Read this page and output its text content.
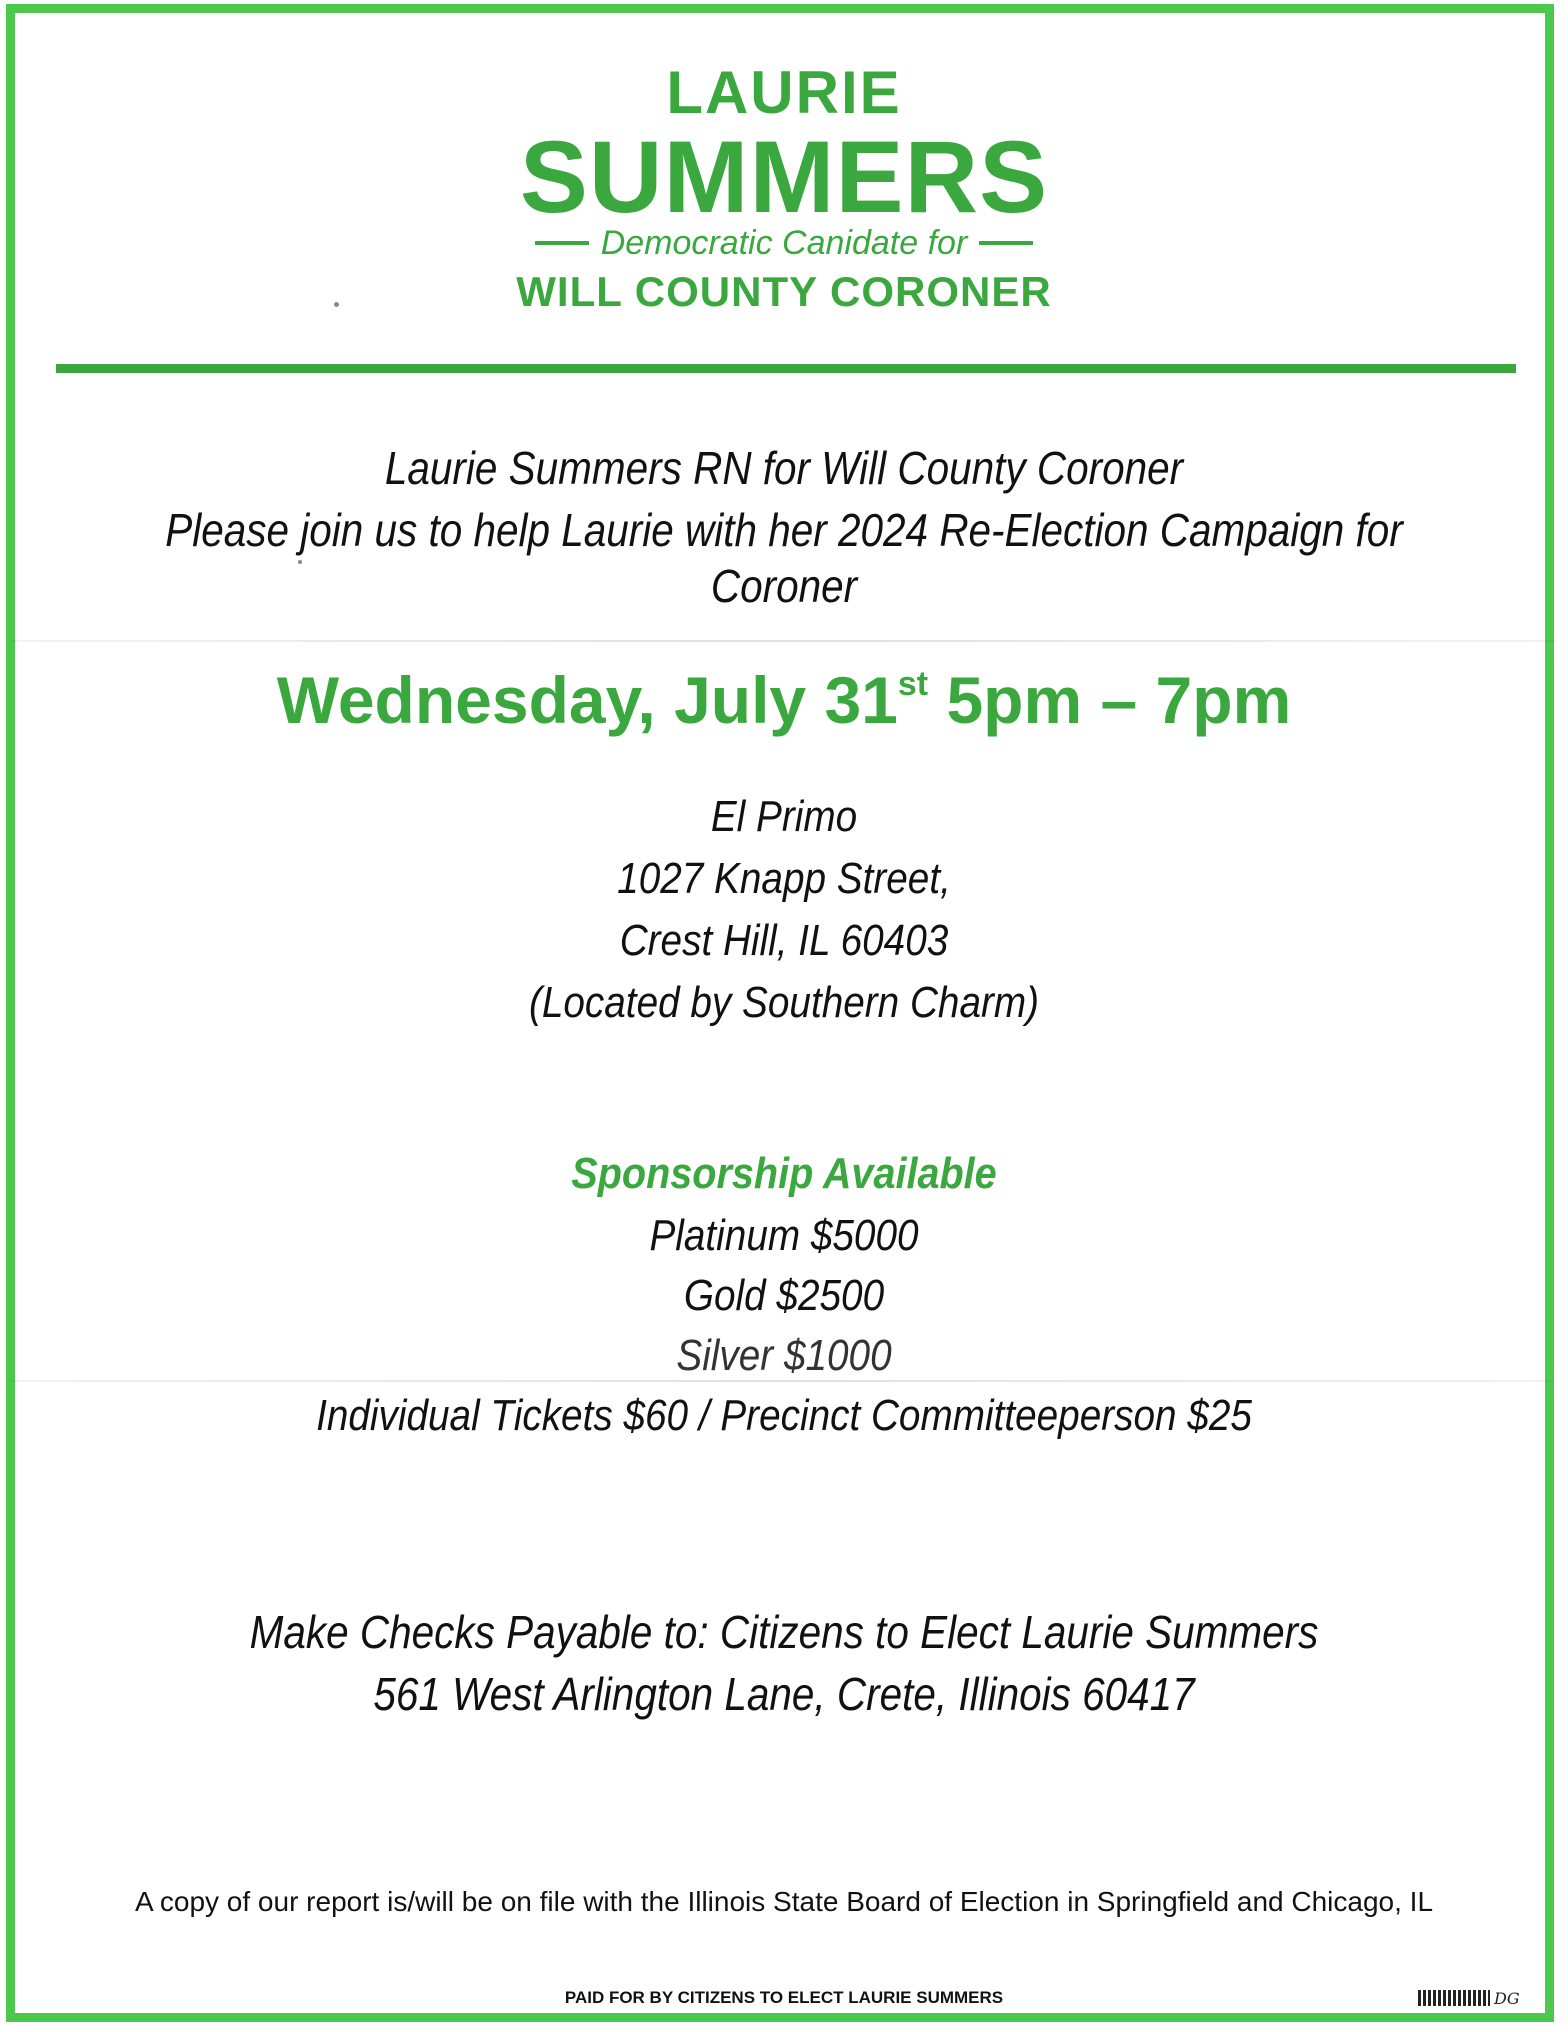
LAURIE
SUMMERS
Democratic Canidate for
WILL COUNTY CORONER
Laurie Summers RN for Will County Coroner
Please join us to help Laurie with her 2024 Re-Election Campaign for Coroner
Wednesday, July 31st 5pm – 7pm
El Primo
1027 Knapp Street,
Crest Hill, IL 60403
(Located by Southern Charm)
Sponsorship Available
Platinum $5000
Gold $2500
Silver $1000
Individual Tickets $60 / Precinct Committeeperson $25
Make Checks Payable to: Citizens to Elect Laurie Summers
561 West Arlington Lane, Crete, Illinois 60417
A copy of our report is/will be on file with the Illinois State Board of Election in Springfield and Chicago, IL
PAID FOR BY CITIZENS TO ELECT LAURIE SUMMERS	DG
